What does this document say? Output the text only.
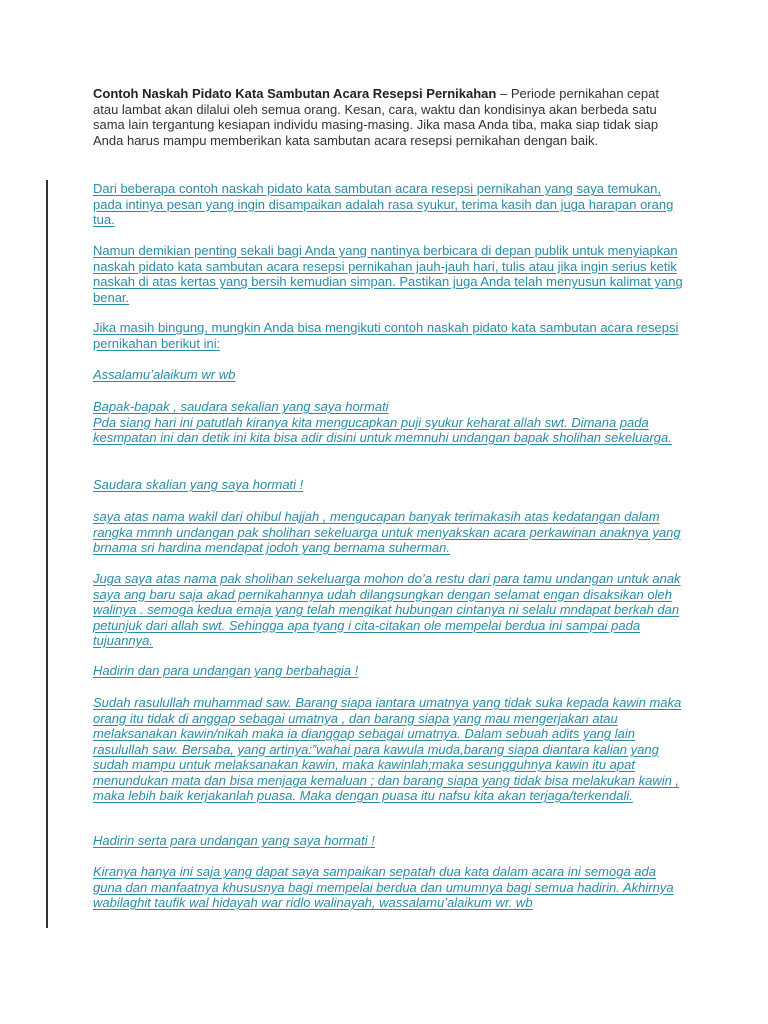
Contoh Naskah Pidato Kata Sambutan Acara Resepsi Pernikahan – Periode pernikahan cepat atau lambat akan dilalui oleh semua orang. Kesan, cara, waktu dan kondisinya akan berbeda satu sama lain tergantung kesiapan individu masing-masing. Jika masa Anda tiba, maka siap tidak siap Anda harus mampu memberikan kata sambutan acara resepsi pernikahan dengan baik.

Dari beberapa contoh naskah pidato kata sambutan acara resepsi pernikahan yang saya temukan, pada intinya pesan yang ingin disampaikan adalah rasa syukur, terima kasih dan juga harapan orang tua.

Namun demikian penting sekali bagi Anda yang nantinya berbicara di depan publik untuk menyiapkan naskah pidato kata sambutan acara resepsi pernikahan jauh-jauh hari, tulis atau jika ingin serius ketik naskah di atas kertas yang bersih kemudian simpan. Pastikan juga Anda telah menyusun kalimat yang benar.

Jika masih bingung, mungkin Anda bisa mengikuti contoh naskah pidato kata sambutan acara resepsi pernikahan berikut ini:

Assalamu’alaikum wr wb

Bapak-bapak , saudara sekalian yang saya hormati
Pda siang hari ini patutlah kiranya kita mengucapkan puji syukur keharat allah swt. Dimana pada kesmpatan ini dan detik ini kita bisa adir disini untuk memnuhi undangan bapak sholihan sekeluarga.

Saudara skalian yang saya hormati !

saya atas nama wakil dari ohibul hajjah , mengucapan banyak terimakasih atas kedatangan dalam rangka mmnh undangan pak sholihan sekeluarga untuk menyakskan acara perkawinan anaknya yang brnama sri hardina mendapat jodoh yang bernama suherman.

Juga saya atas nama pak sholihan sekeluarga mohon do’a restu dari para tamu undangan untuk anak saya ang baru saja akad pernikahannya udah dilangsungkan dengan selamat engan disaksikan oleh walinya . semoga kedua emaja yang telah mengikat hubungan cintanya ni selalu mndapat berkah dan petunjuk dari allah swt. Sehingga apa tyang i cita-citakan ole mempelai berdua ini sampai pada tujuannya.

Hadirin dan para undangan yang berbahagia !

Sudah rasulullah muhammad saw. Barang siapa iantara umatnya yang tidak suka kepada kawin maka orang itu tidak di anggap sebagai umatnya , dan barang siapa yang mau mengerjakan atau melaksanakan kawin/nikah maka ia dianggap sebagai umatnya. Dalam sebuah adits yang lain rasulullah saw. Bersaba, yang artinya:”wahai para kawula muda,barang siapa diantara kalian yang sudah mampu untuk melaksanakan kawin, maka kawinlah;maka sesungguhnya kawin itu apat menundukan mata dan bisa menjaga kemaluan ; dan barang siapa yang tidak bisa melakukan kawin , maka lebih baik kerjakanlah puasa. Maka dengan puasa itu nafsu kita akan terjaga/terkendali.

Hadirin serta para undangan yang saya hormati !

Kiranya hanya ini saja yang dapat saya sampaikan sepatah dua kata dalam acara ini semoga ada guna dan manfaatnya khususnya bagi mempelai berdua dan umumnya bagi semua hadirin. Akhirnya wabilaghit taufik wal hidayah war ridlo walinayah, wassalamu’alaikum wr. wb
